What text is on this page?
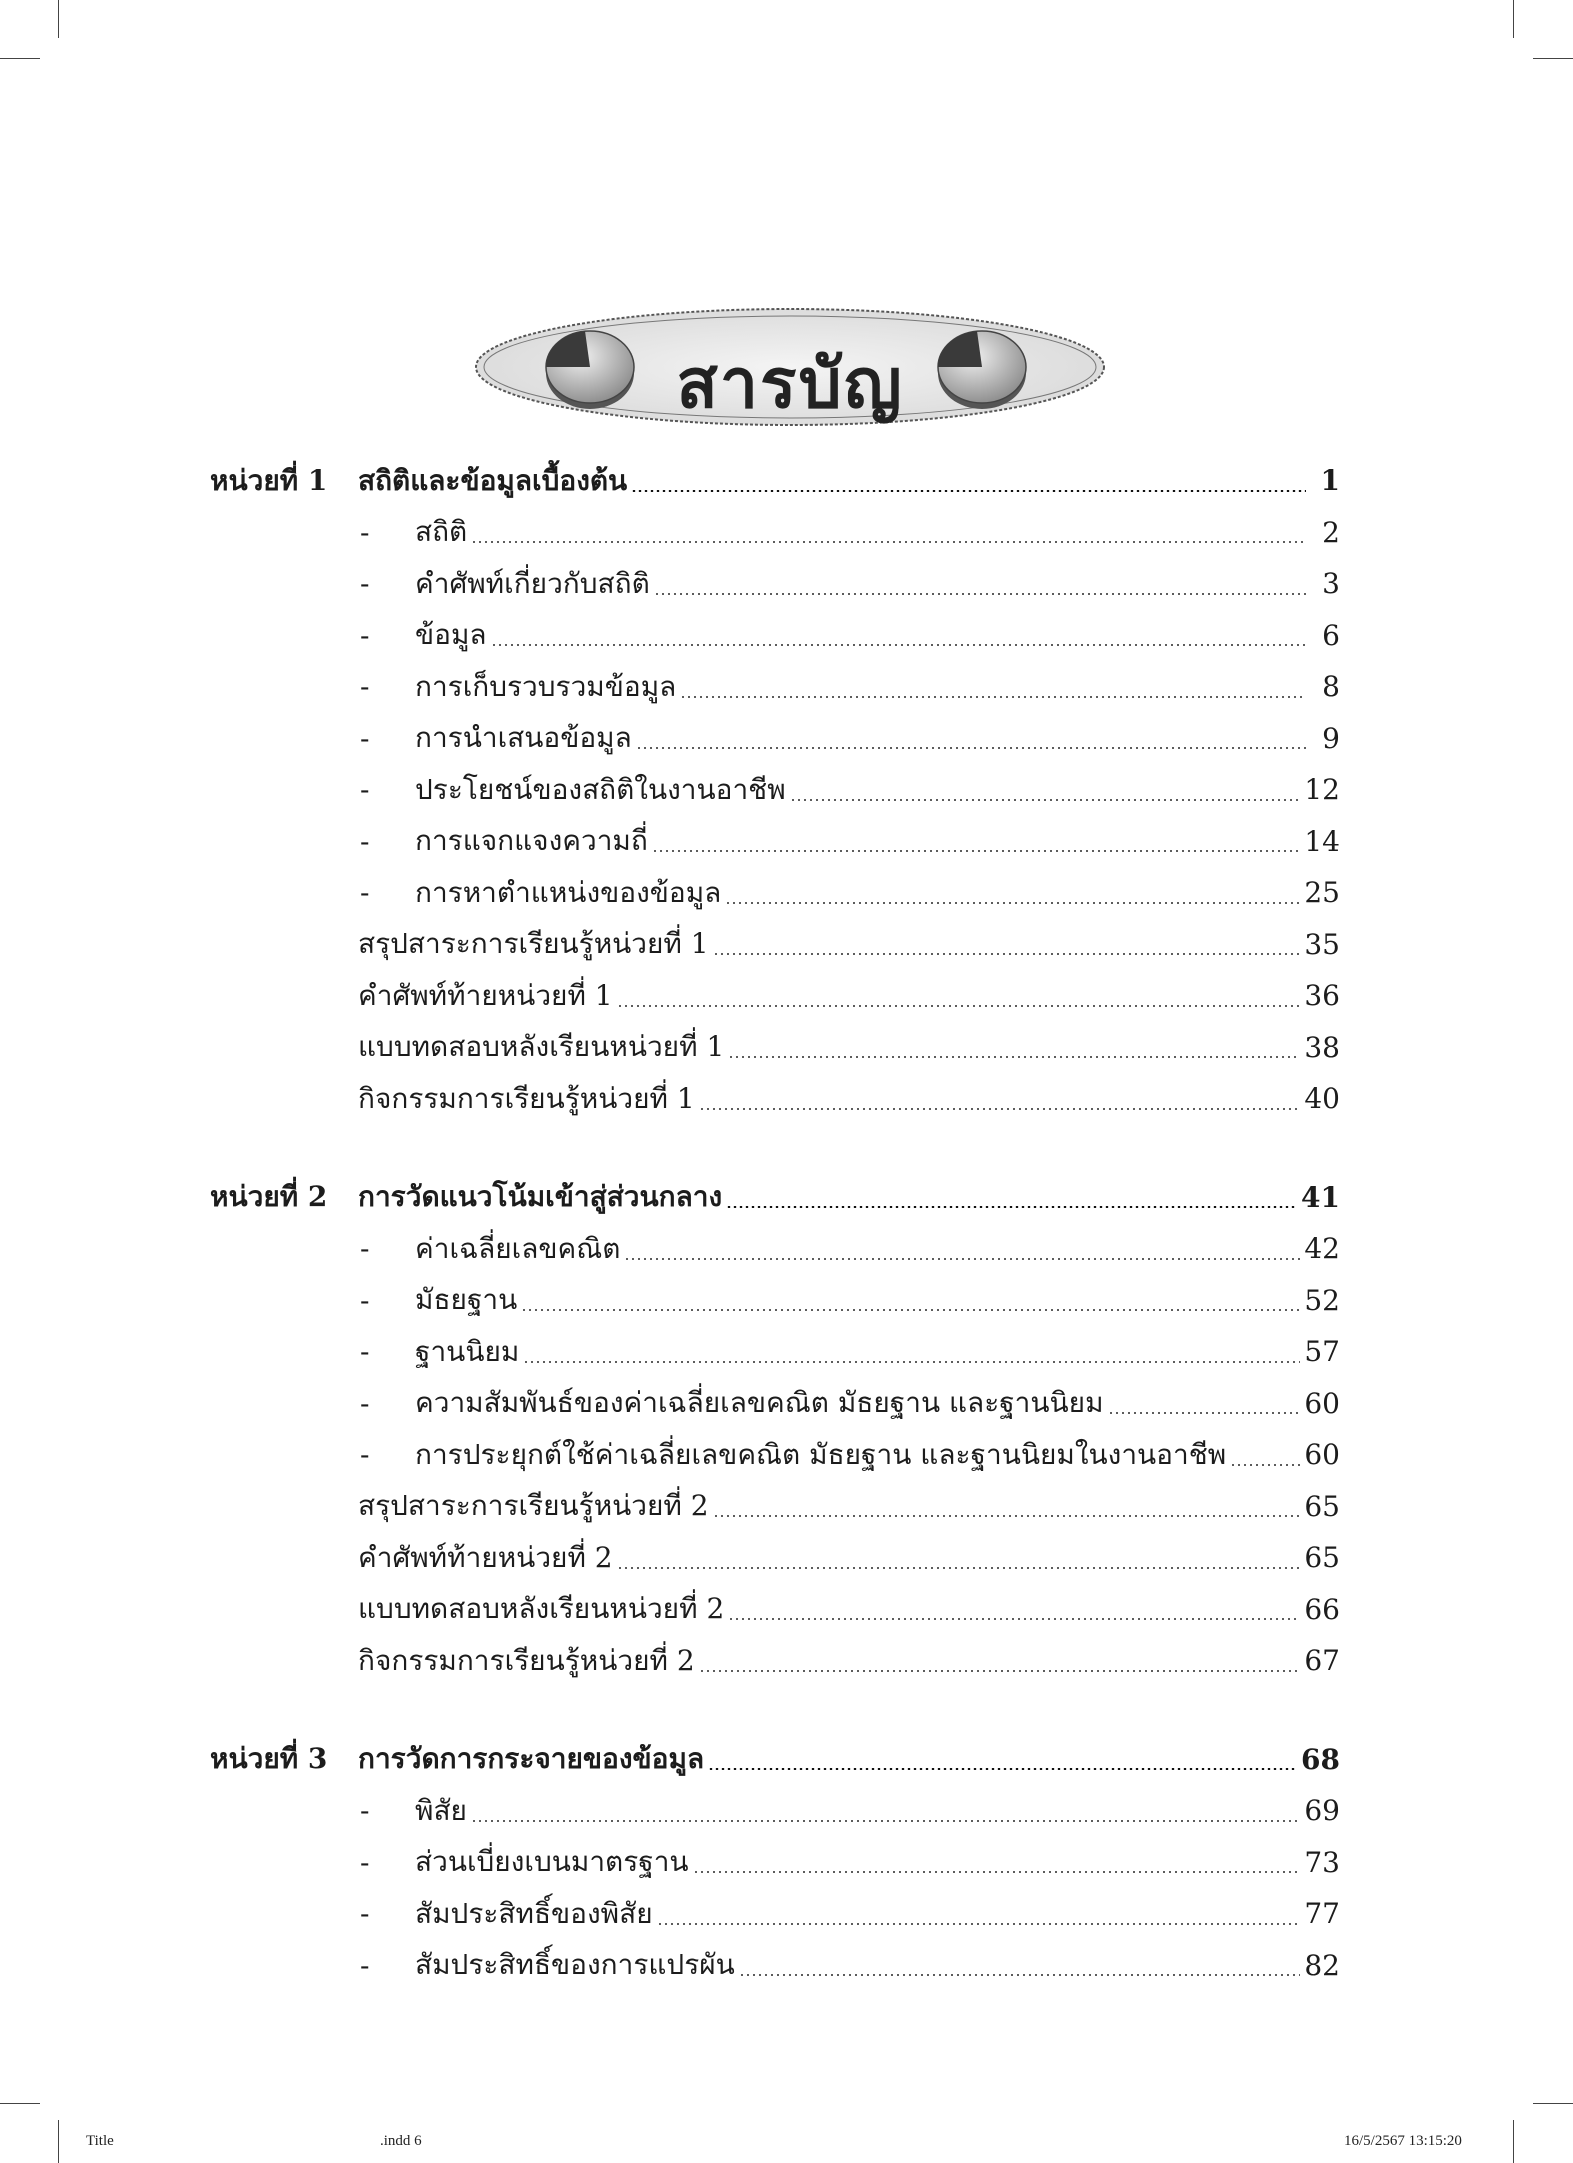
สารบัญ
หน่วยที่ 1 สถิติและข้อมูลเบื้องต้น	1
-	สถิติ	2
-	คำศัพท์เกี่ยวกับสถิติ	3
-	ข้อมูล	6
-	การเก็บรวบรวมข้อมูล	8
-	การนำเสนอข้อมูล	9
-	ประโยชน์ของสถิติในงานอาชีพ	12
-	การแจกแจงความถี่	14
-	การหาตำแหน่งของข้อมูล	25
สรุปสาระการเรียนรู้หน่วยที่ 1	35
คำศัพท์ท้ายหน่วยที่ 1	36
แบบทดสอบหลังเรียนหน่วยที่ 1	38
กิจกรรมการเรียนรู้หน่วยที่ 1	40
หน่วยที่ 2 การวัดแนวโน้มเข้าสู่ส่วนกลาง	41
-	ค่าเฉลี่ยเลขคณิต	42
-	มัธยฐาน	52
-	ฐานนิยม	57
-	ความสัมพันธ์ของค่าเฉลี่ยเลขคณิต มัธยฐาน และฐานนิยม	60
-	การประยุกต์ใช้ค่าเฉลี่ยเลขคณิต มัธยฐาน และฐานนิยมในงานอาชีพ	60
สรุปสาระการเรียนรู้หน่วยที่ 2	65
คำศัพท์ท้ายหน่วยที่ 2	65
แบบทดสอบหลังเรียนหน่วยที่ 2	66
กิจกรรมการเรียนรู้หน่วยที่ 2	67
หน่วยที่ 3 การวัดการกระจายของข้อมูล	68
-	พิสัย	69
-	ส่วนเบี่ยงเบนมาตรฐาน	73
-	สัมประสิทธิ์ของพิสัย	77
-	สัมประสิทธิ์ของการแปรผัน	82
Title	.indd 6	16/5/2567 13:15:20
